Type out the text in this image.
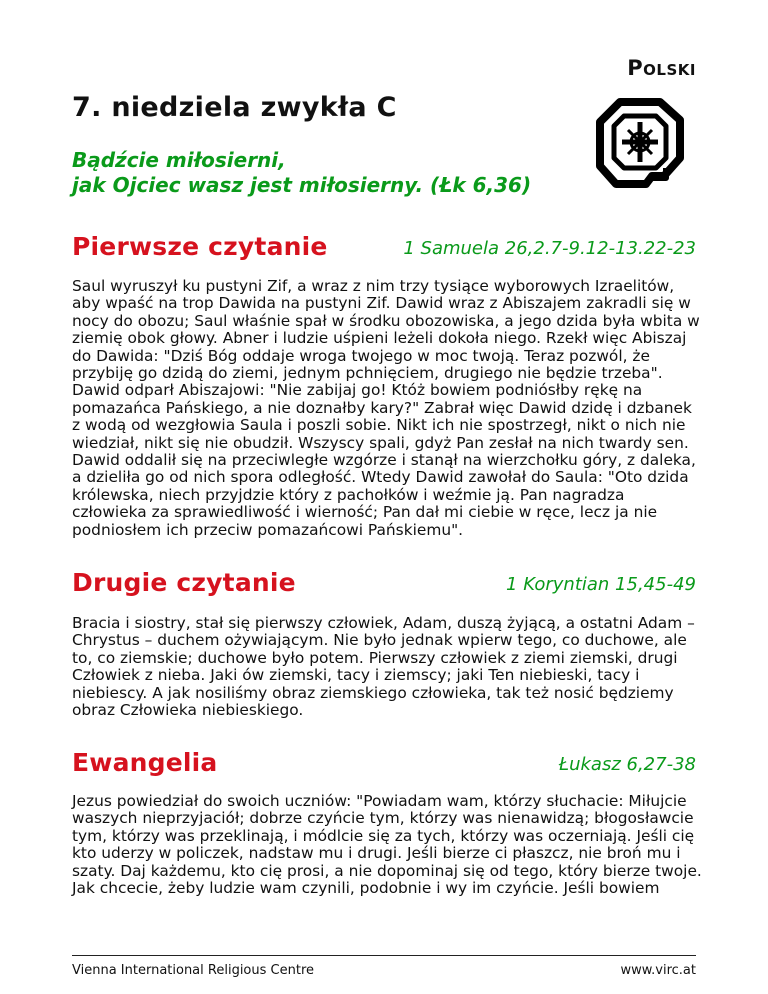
Polski
7. niedziela zwykła C
Bądźcie miłosierni,
jak Ojciec wasz jest miłosierny. (Łk 6,36)
Pierwsze czytanie	1 Samuela 26,2.7-9.12-13.22-23
Saul wyruszył ku pustyni Zif, a wraz z nim trzy tysiące wyborowych Izraelitów, aby wpaść na trop Dawida na pustyni Zif. Dawid wraz z Abiszajem zakradli się w nocy do obozu; Saul właśnie spał w środku obozowiska, a jego dzida była wbita w ziemię obok głowy. Abner i ludzie uśpieni leżeli dokoła niego. Rzekł więc Abiszaj do Dawida: "Dziś Bóg oddaje wroga twojego w moc twoją. Teraz pozwól, że przybiję go dzidą do ziemi, jednym pchnięciem, drugiego nie będzie trzeba". Dawid odparł Abiszajowi: "Nie zabijaj go! Któż bowiem podniósłby rękę na pomazańca Pańskiego, a nie doznałby kary?" Zabrał więc Dawid dzidę i dzbanek z wodą od wezgłowia Saula i poszli sobie. Nikt ich nie spostrzegł, nikt o nich nie wiedział, nikt się nie obudził. Wszyscy spali, gdyż Pan zesłał na nich twardy sen. Dawid oddalił się na przeciwległe wzgórze i stanął na wierzchołku góry, z daleka, a dzieliła go od nich spora odległość. Wtedy Dawid zawołał do Saula: "Oto dzida królewska, niech przyjdzie który z pachołków i weźmie ją. Pan nagradza człowieka za sprawiedliwość i wierność; Pan dał mi ciebie w ręce, lecz ja nie podniosłem ich przeciw pomazańcowi Pańskiemu".
Drugie czytanie	1 Koryntian 15,45-49
Bracia i siostry, stał się pierwszy człowiek, Adam, duszą żyjącą, a ostatni Adam – Chrystus – duchem ożywiającym. Nie było jednak wpierw tego, co duchowe, ale to, co ziemskie; duchowe było potem. Pierwszy człowiek z ziemi ziemski, drugi Człowiek z nieba. Jaki ów ziemski, tacy i ziemscy; jaki Ten niebieski, tacy i niebiescy. A jak nosiliśmy obraz ziemskiego człowieka, tak też nosić będziemy obraz Człowieka niebieskiego.
Ewangelia	Łukasz 6,27-38
Jezus powiedział do swoich uczniów: "Powiadam wam, którzy słuchacie: Miłujcie waszych nieprzyjaciół; dobrze czyńcie tym, którzy was nienawidzą; błogosławcie tym, którzy was przeklinają, i módlcie się za tych, którzy was oczerniają. Jeśli cię kto uderzy w policzek, nadstaw mu i drugi. Jeśli bierze ci płaszcz, nie broń mu i szaty. Daj każdemu, kto cię prosi, a nie dopominaj się od tego, który bierze twoje. Jak chcecie, żeby ludzie wam czynili, podobnie i wy im czyńcie. Jeśli bowiem
Vienna International Religious Centre	www.virc.at
